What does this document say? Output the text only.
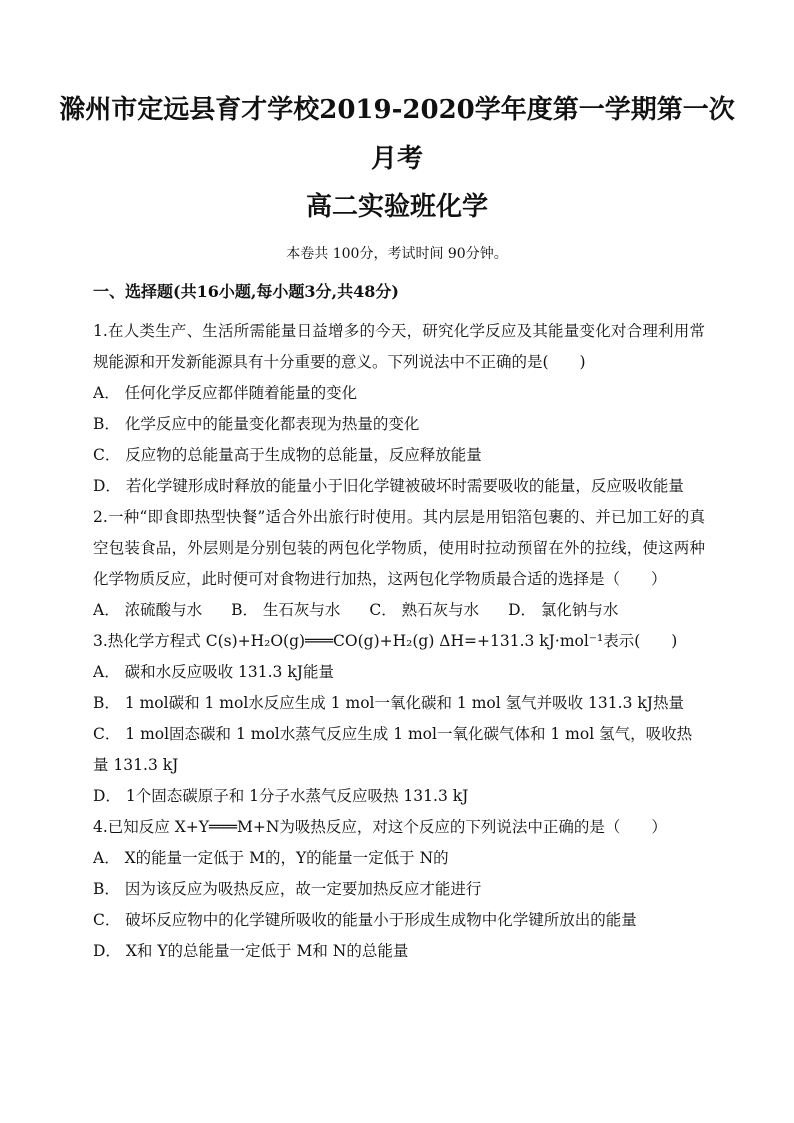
滁州市定远县育才学校2019-2020学年度第一学期第一次
月考
高二实验班化学
本卷共 100分，考试时间 90分钟。
一、选择题(共16小题,每小题3分,共48分)
1.在人类生产、生活所需能量日益增多的今天，研究化学反应及其能量变化对合理利用常规能源和开发新能源具有十分重要的意义。下列说法中不正确的是(　　)
A． 任何化学反应都伴随着能量的变化
B． 化学反应中的能量变化都表现为热量的变化
C． 反应物的总能量高于生成物的总能量，反应释放能量
D． 若化学键形成时释放的能量小于旧化学键被破坏时需要吸收的能量，反应吸收能量
2.一种“即食即热型快餐”适合外出旅行时使用。其内层是用铝箔包裹的、并已加工好的真空包装食品，外层则是分别包装的两包化学物质，使用时拉动预留在外的拉线，使这两种化学物质反应，此时便可对食物进行加热，这两包化学物质最合适的选择是（　　）
A． 浓硫酸与水 B． 生石灰与水 C． 熟石灰与水 D． 氯化钠与水
3.热化学方程式 C(s)+H₂O(g)═══CO(g)+H₂(g) ΔH=+131.3 kJ·mol⁻¹表示(　　)
A． 碳和水反应吸收 131.3 kJ能量
B． 1 mol碳和 1 mol水反应生成 1 mol一氧化碳和 1 mol 氢气并吸收 131.3 kJ热量
C． 1 mol固态碳和 1 mol水蒸气反应生成 1 mol一氧化碳气体和 1 mol 氢气，吸收热量 131.3 kJ
D． 1个固态碳原子和 1分子水蒸气反应吸热 131.3 kJ
4.已知反应 X+Y═══M+N为吸热反应，对这个反应的下列说法中正确的是（　　）
A． X的能量一定低于 M的，Y的能量一定低于 N的
B． 因为该反应为吸热反应，故一定要加热反应才能进行
C． 破坏反应物中的化学键所吸收的能量小于形成生成物中化学键所放出的能量
D． X和 Y的总能量一定低于 M和 N的总能量
